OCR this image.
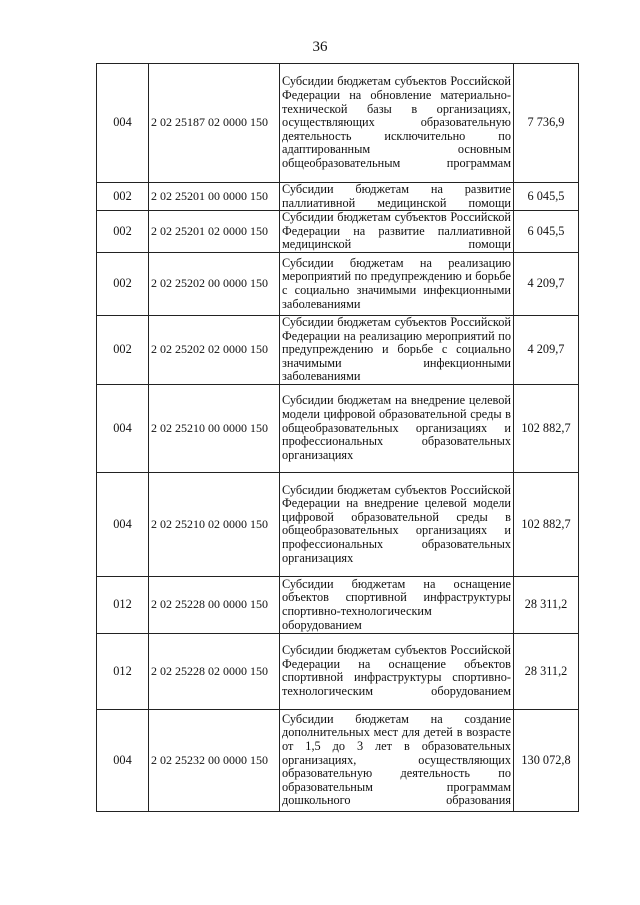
36
004	2 02 25187 02 0000 150	Субсидии бюджетам субъектов Российской Федерации на обновление материально-технической базы в организациях, осуществляющих образовательную деятельность исключительно по адаптированным основным общеобразовательным программам	7 736,9
002	2 02 25201 00 0000 150	Субсидии бюджетам на развитие паллиативной медицинской помощи	6 045,5
002	2 02 25201 02 0000 150	Субсидии бюджетам субъектов Российской Федерации на развитие паллиативной медицинской помощи	6 045,5
002	2 02 25202 00 0000 150	Субсидии бюджетам на реализацию мероприятий по предупреждению и борьбе с социально значимыми инфекционными заболеваниями	4 209,7
002	2 02 25202 02 0000 150	Субсидии бюджетам субъектов Российской Федерации на реализацию мероприятий по предупреждению и борьбе с социально значимыми инфекционными заболеваниями	4 209,7
004	2 02 25210 00 0000 150	Субсидии бюджетам на внедрение целевой модели цифровой образовательной среды в общеобразовательных организациях и профессиональных образовательных организациях	102 882,7
004	2 02 25210 02 0000 150	Субсидии бюджетам субъектов Российской Федерации на внедрение целевой модели цифровой образовательной среды в общеобразовательных организациях и профессиональных образовательных организациях	102 882,7
012	2 02 25228 00 0000 150	Субсидии бюджетам на оснащение объектов спортивной инфраструктуры спортивно-технологическим оборудованием	28 311,2
012	2 02 25228 02 0000 150	Субсидии бюджетам субъектов Российской Федерации на оснащение объектов спортивной инфраструктуры спортивно-технологическим оборудованием	28 311,2
004	2 02 25232 00 0000 150	Субсидии бюджетам на создание дополнительных мест для детей в возрасте от 1,5 до 3 лет в образовательных организациях, осуществляющих образовательную деятельность по образовательным программам дошкольного образования	130 072,8
